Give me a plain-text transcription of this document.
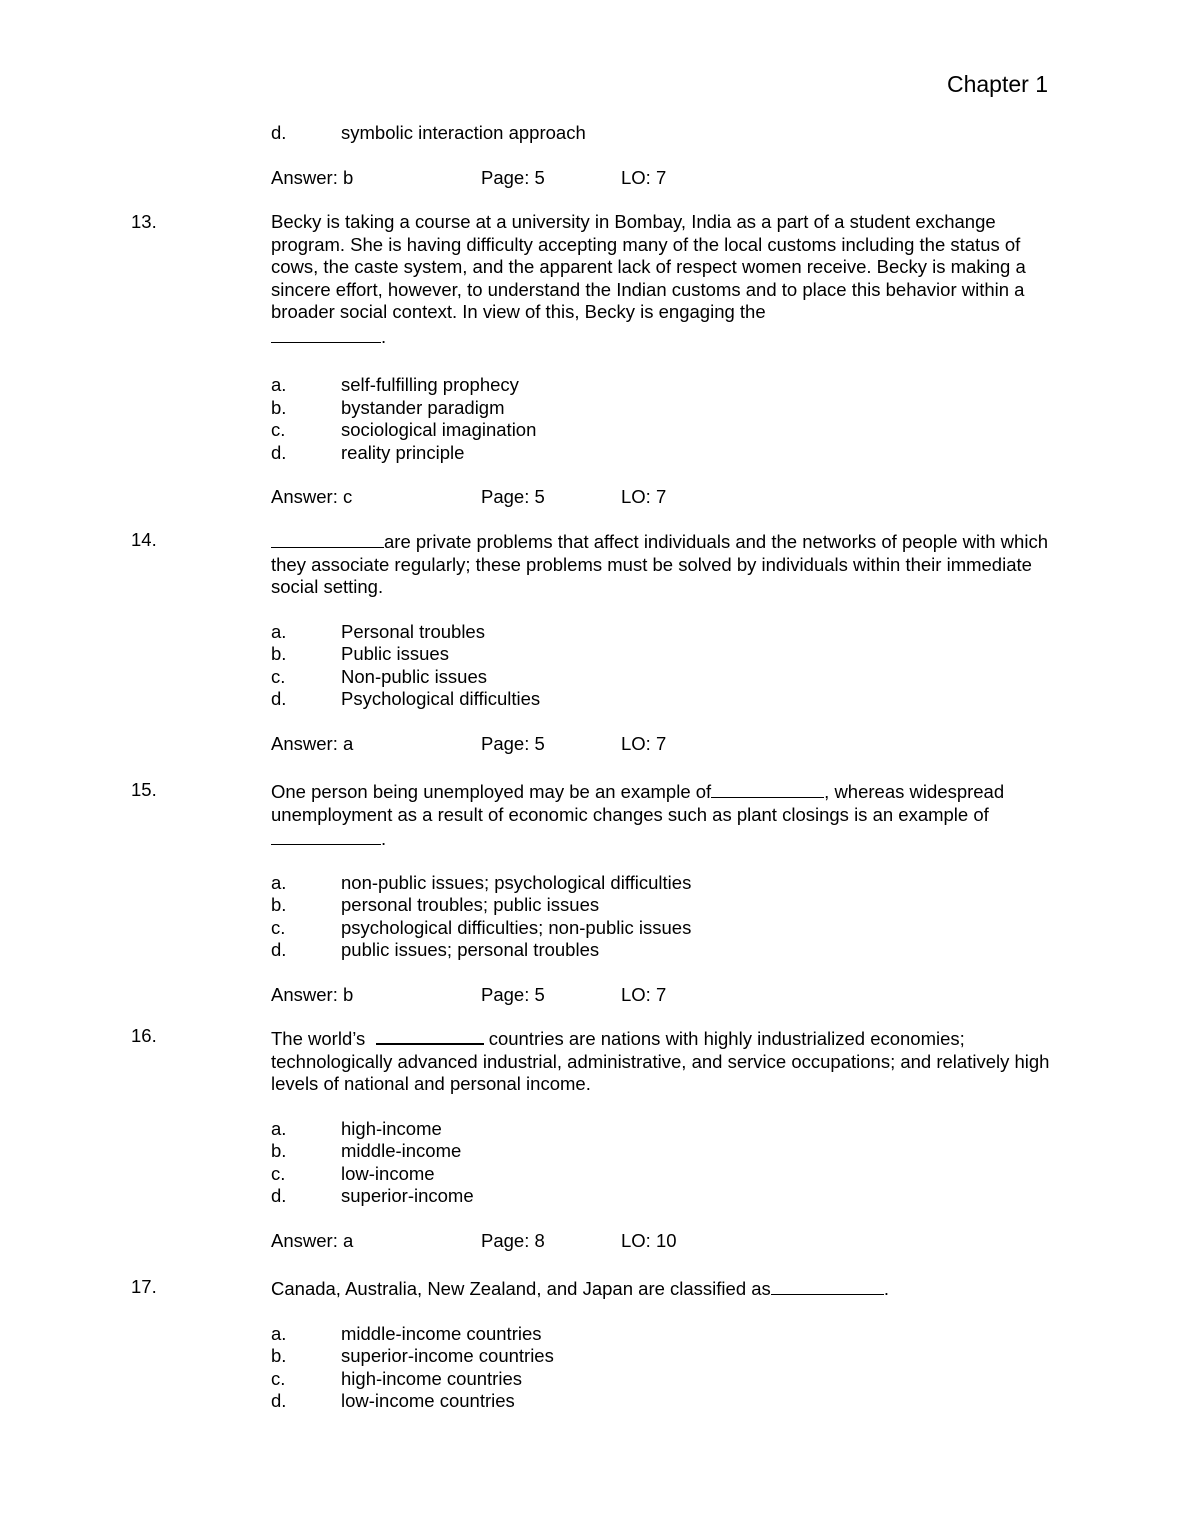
Chapter 1
d.	symbolic interaction approach
Answer: b	Page: 5	LO: 7
13.	Becky is taking a course at a university in Bombay, India as a part of a student exchange program. She is having difficulty accepting many of the local customs including the status of cows, the caste system, and the apparent lack of respect women receive. Becky is making a sincere effort, however, to understand the Indian customs and to place this behavior within a broader social context. In view of this, Becky is engaging the
.
a.	self-fulfilling prophecy
b.	bystander paradigm
c.	sociological imagination
d.	reality principle
Answer: c	Page: 5	LO: 7
14.	are private problems that affect individuals and the networks of people with which they associate regularly; these problems must be solved by individuals within their immediate social setting.
a.	Personal troubles
b.	Public issues
c.	Non-public issues
d.	Psychological difficulties
Answer: a	Page: 5	LO: 7
15.	One person being unemployed may be an example of	, whereas widespread unemployment as a result of economic changes such as plant closings is an example of
.
a.	non-public issues; psychological difficulties
b.	personal troubles; public issues
c.	psychological difficulties; non-public issues
d.	public issues; personal troubles
Answer: b	Page: 5	LO: 7
16.	The world’s	countries are nations with highly industrialized economies; technologically advanced industrial, administrative, and service occupations; and relatively high levels of national and personal income.
a.	high-income
b.	middle-income
c.	low-income
d.	superior-income
Answer: a	Page: 8	LO: 10
17.	Canada, Australia, New Zealand, and Japan are classified as	.
a.	middle-income countries
b.	superior-income countries
c.	high-income countries
d.	low-income countries
